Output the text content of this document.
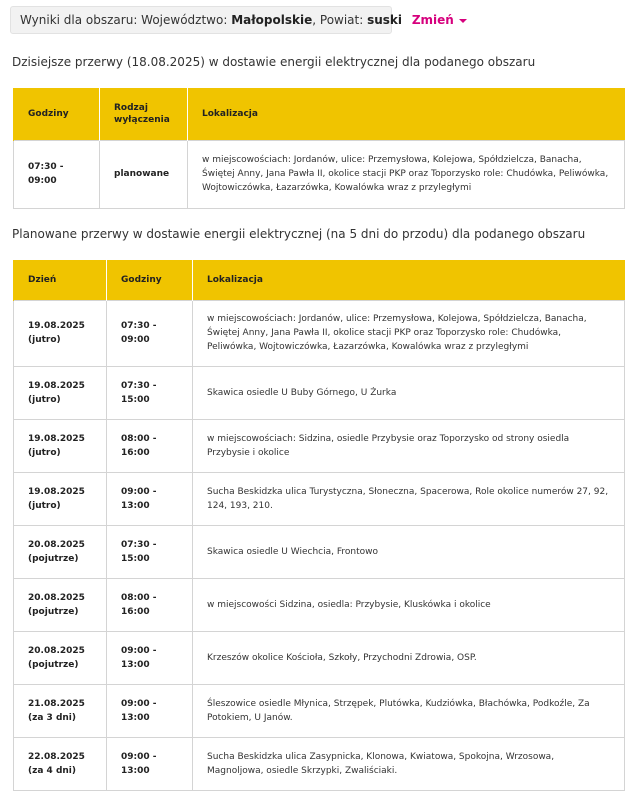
Wyniki dla obszaru: Województwo: Małopolskie, Powiat: suski Zmień
Dzisiejsze przerwy (18.08.2025) w dostawie energii elektrycznej dla podanego obszaru
Godziny	Rodzaj wyłączenia	Lokalizacja
07:30 - 09:00	planowane	w miejscowościach: Jordanów, ulice: Przemysłowa, Kolejowa, Spółdzielcza, Banacha, Świętej Anny, Jana Pawła II, okolice stacji PKP oraz Toporzysko role: Chudówka, Peliwówka, Wojtowiczówka, Łazarzówka, Kowalówka wraz z przyległymi
Planowane przerwy w dostawie energii elektrycznej (na 5 dni do przodu) dla podanego obszaru
Dzień	Godziny	Lokalizacja
19.08.2025 (jutro)	07:30 - 09:00	w miejscowościach: Jordanów, ulice: Przemysłowa, Kolejowa, Spółdzielcza, Banacha, Świętej Anny, Jana Pawła II, okolice stacji PKP oraz Toporzysko role: Chudówka, Peliwówka, Wojtowiczówka, Łazarzówka, Kowalówka wraz z przyległymi
19.08.2025 (jutro)	07:30 - 15:00	Skawica osiedle U Buby Górnego, U Żurka
19.08.2025 (jutro)	08:00 - 16:00	w miejscowościach: Sidzina, osiedle Przybysie oraz Toporzysko od strony osiedla Przybysie i okolice
19.08.2025 (jutro)	09:00 - 13:00	Sucha Beskidzka ulica Turystyczna, Słoneczna, Spacerowa, Role okolice numerów 27, 92, 124, 193, 210.
20.08.2025 (pojutrze)	07:30 - 15:00	Skawica osiedle U Wiechcia, Frontowo
20.08.2025 (pojutrze)	08:00 - 16:00	w miejscowości Sidzina, osiedla: Przybysie, Kluskówka i okolice
20.08.2025 (pojutrze)	09:00 - 13:00	Krzeszów okolice Kościoła, Szkoły, Przychodni Zdrowia, OSP.
21.08.2025 (za 3 dni)	09:00 - 13:00	Śleszowice osiedle Młynica, Strzępek, Plutówka, Kudziówka, Błachówka, Podkoźle, Za Potokiem, U Janów.
22.08.2025 (za 4 dni)	09:00 - 13:00	Sucha Beskidzka ulica Zasypnicka, Klonowa, Kwiatowa, Spokojna, Wrzosowa, Magnoljowa, osiedle Skrzypki, Zwaliściaki.
